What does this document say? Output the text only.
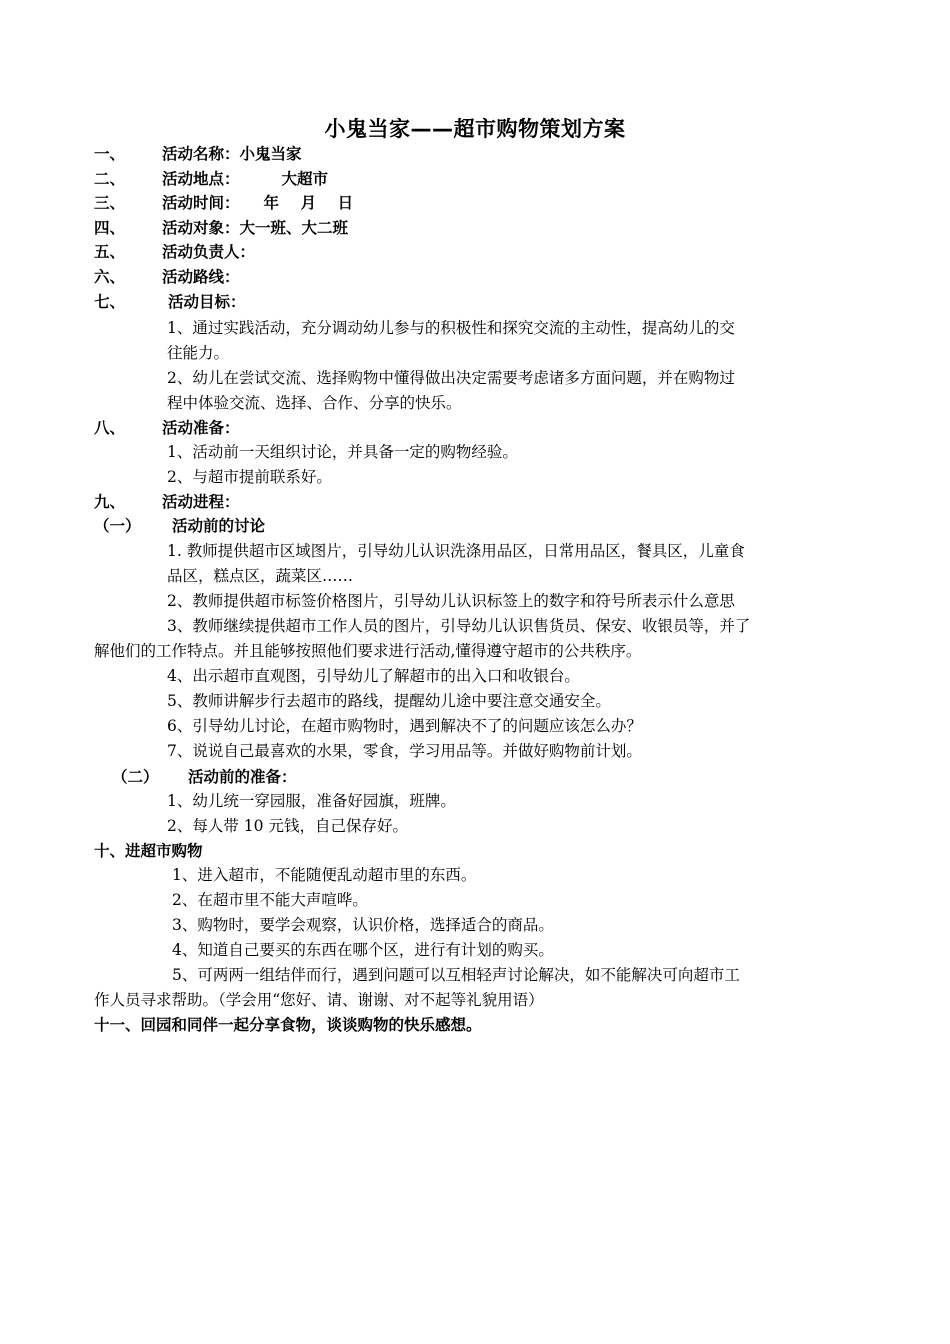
小鬼当家——超市购物策划方案
一、 活动名称：小鬼当家
二、 活动地点：	大超市
三、 活动时间： 年    月    日
四、 活动对象：大一班、大二班
五、 活动负责人：
六、 活动路线：
七、	活动目标：
1、通过实践活动，充分调动幼儿参与的积极性和探究交流的主动性，提高幼儿的交
往能力。
2、幼儿在尝试交流、选择购物中懂得做出决定需要考虑诸多方面问题，并在购物过
程中体验交流、选择、合作、分享的快乐。
八、 活动准备：
1、活动前一天组织讨论，并具备一定的购物经验。
2、与超市提前联系好。
九、 活动进程：
（一） 活动前的讨论
1. 教师提供超市区域图片，引导幼儿认识洗涤用品区，日常用品区，餐具区，儿童食
品区，糕点区，蔬菜区……
2、教师提供超市标签价格图片，引导幼儿认识标签上的数字和符号所表示什么意思
3、教师继续提供超市工作人员的图片，引导幼儿认识售货员、保安、收银员等，并了
解他们的工作特点。并且能够按照他们要求进行活动,懂得遵守超市的公共秩序。
4、出示超市直观图，引导幼儿了解超市的出入口和收银台。
5、教师讲解步行去超市的路线，提醒幼儿途中要注意交通安全。
6、引导幼儿讨论，在超市购物时，遇到解决不了的问题应该怎么办？
7、说说自己最喜欢的水果，零食，学习用品等。并做好购物前计划。
（二） 活动前的准备：
1、幼儿统一穿园服，准备好园旗，班牌。
2、每人带 10 元钱，自己保存好。
十、进超市购物
1、进入超市，不能随便乱动超市里的东西。
2、在超市里不能大声喧哗。
3、购物时，要学会观察，认识价格，选择适合的商品。
4、知道自己要买的东西在哪个区，进行有计划的购买。
5、可两两一组结伴而行，遇到问题可以互相轻声讨论解决，如不能解决可向超市工
作人员寻求帮助。（学会用“您好、请、谢谢、对不起等礼貌用语）
十一、回园和同伴一起分享食物，谈谈购物的快乐感想。
